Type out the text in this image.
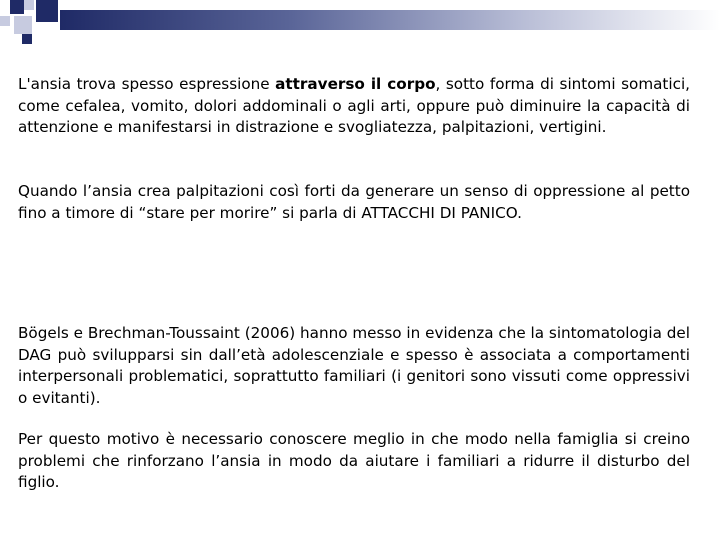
L'ansia trova spesso espressione attraverso il corpo, sotto forma di sintomi somatici, come cefalea, vomito, dolori addominali o agli arti, oppure può diminuire la capacità di attenzione e manifestarsi in distrazione e svogliatezza, palpitazioni, vertigini.

Quando l’ansia crea palpitazioni così forti da generare un senso di oppressione al petto fino a timore di “stare per morire” si parla di ATTACCHI DI PANICO.

Bögels e Brechman-Toussaint (2006) hanno messo in evidenza che la sintomatologia del DAG può svilupparsi sin dall’età adolescenziale e spesso è associata a comportamenti interpersonali problematici, soprattutto familiari (i genitori sono vissuti come oppressivi o evitanti).

Per questo motivo è necessario conoscere meglio in che modo nella famiglia si creino problemi che rinforzano l’ansia in modo da aiutare i familiari a ridurre il disturbo del figlio.
